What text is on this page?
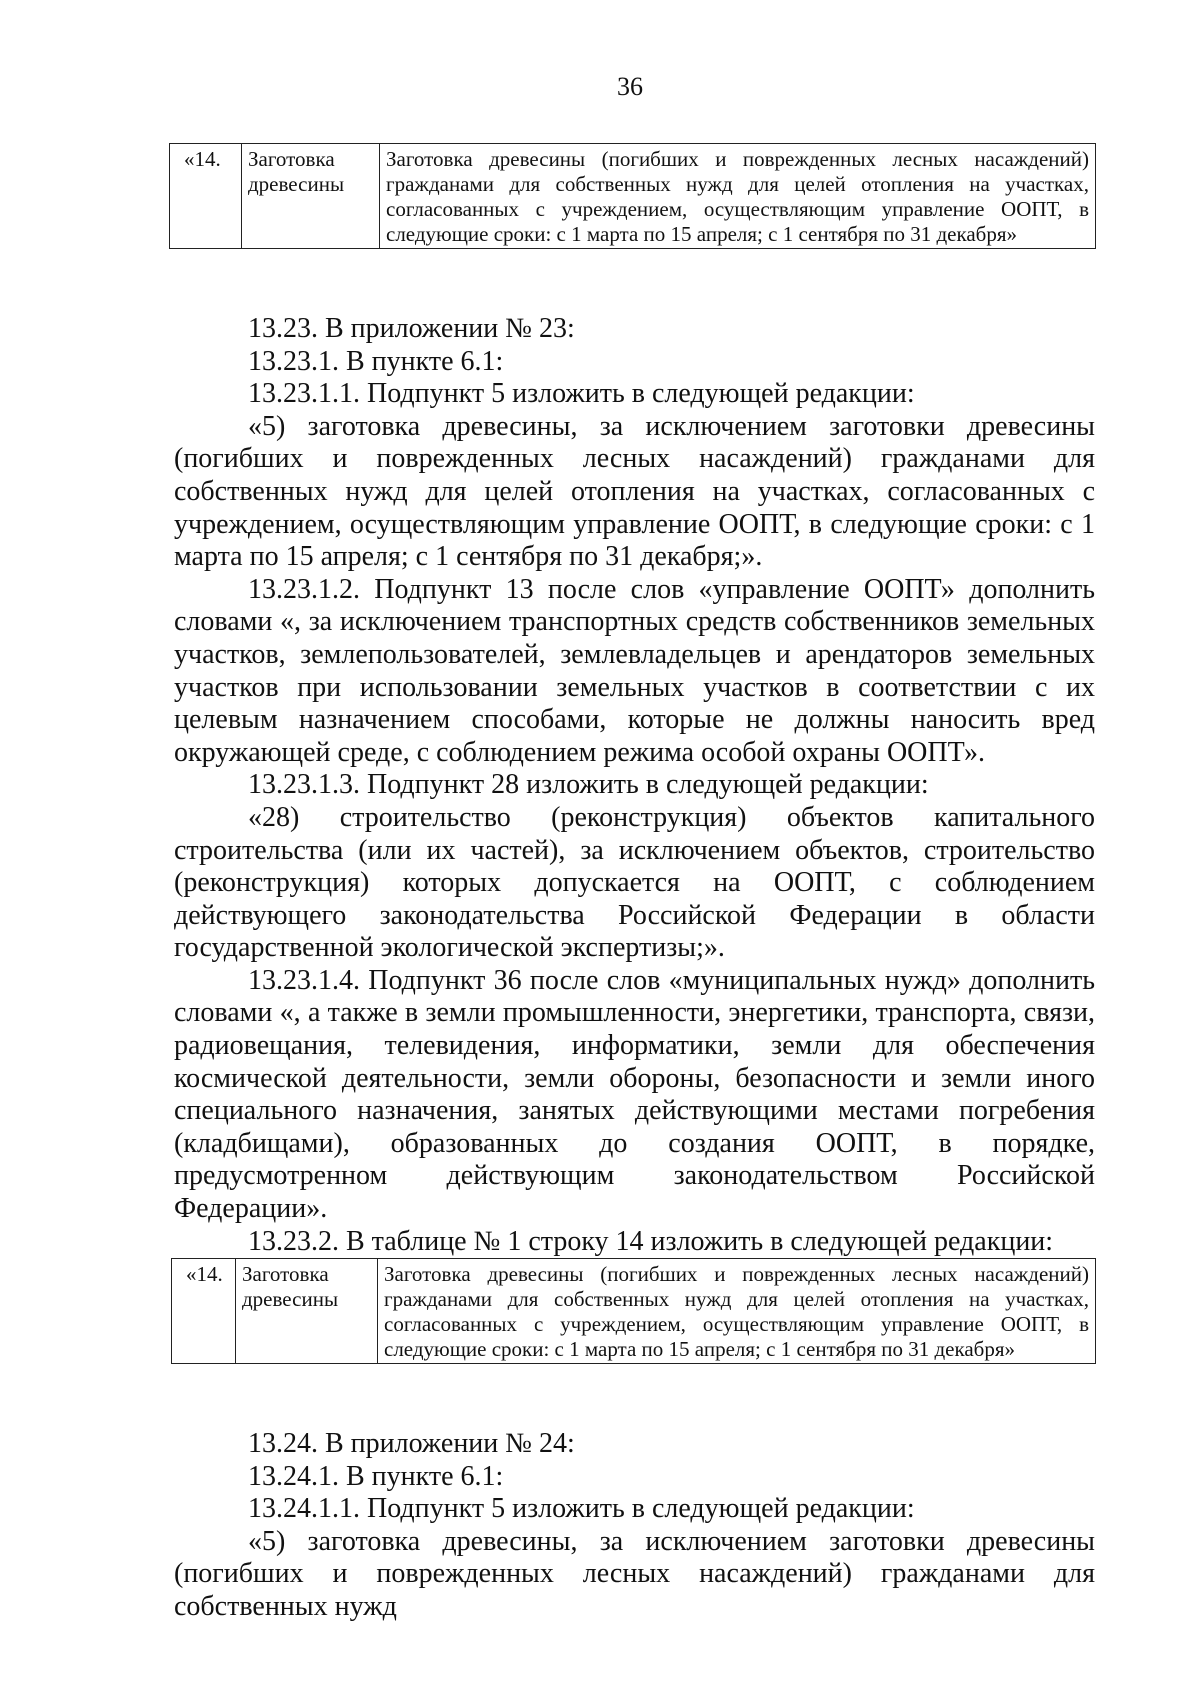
36
«14.	Заготовка древесины	Заготовка древесины (погибших и поврежденных лесных насаждений) гражданами для собственных нужд для целей отопления на участках, согласованных с учреждением, осуществляющим управление ООПТ, в следующие сроки: с 1 марта по 15 апреля; с 1 сентября по 31 декабря»

13.23. В приложении № 23:

13.23.1. В пункте 6.1:

13.23.1.1. Подпункт 5 изложить в следующей редакции:

«5) заготовка древесины, за исключением заготовки древесины (погибших и поврежденных лесных насаждений) гражданами для собственных нужд для целей отопления на участках, согласованных с учреждением, осуществляющим управление ООПТ, в следующие сроки: с 1 марта по 15 апреля; с 1 сентября по 31 декабря;».

13.23.1.2. Подпункт 13 после слов «управление ООПТ» дополнить словами «, за исключением транспортных средств собственников земельных участков, землепользователей, землевладельцев и арендаторов земельных участков при использовании земельных участков в соответствии с их целевым назначением способами, которые не должны наносить вред окружающей среде, с соблюдением режима особой охраны ООПТ».

13.23.1.3. Подпункт 28 изложить в следующей редакции:

«28) строительство (реконструкция) объектов капитального строительства (или их частей), за исключением объектов, строительство (реконструкция) которых допускается на ООПТ, с соблюдением действующего законодательства Российской Федерации в области государственной экологической экспертизы;».

13.23.1.4. Подпункт 36 после слов «муниципальных нужд» дополнить словами «, а также в земли промышленности, энергетики, транспорта, связи, радиовещания, телевидения, информатики, земли для обеспечения космической деятельности, земли обороны, безопасности и земли иного специального назначения, занятых действующими местами погребения (кладбищами), образованных до создания ООПТ, в порядке, предусмотренном действующим законодательством Российской Федерации».

13.23.2. В таблице № 1 строку 14 изложить в следующей редакции:

«14.	Заготовка древесины	Заготовка древесины (погибших и поврежденных лесных насаждений) гражданами для собственных нужд для целей отопления на участках, согласованных с учреждением, осуществляющим управление ООПТ, в следующие сроки: с 1 марта по 15 апреля; с 1 сентября по 31 декабря»

13.24. В приложении № 24:

13.24.1. В пункте 6.1:

13.24.1.1. Подпункт 5 изложить в следующей редакции:

«5) заготовка древесины, за исключением заготовки древесины (погибших и поврежденных лесных насаждений) гражданами для собственных нужд
